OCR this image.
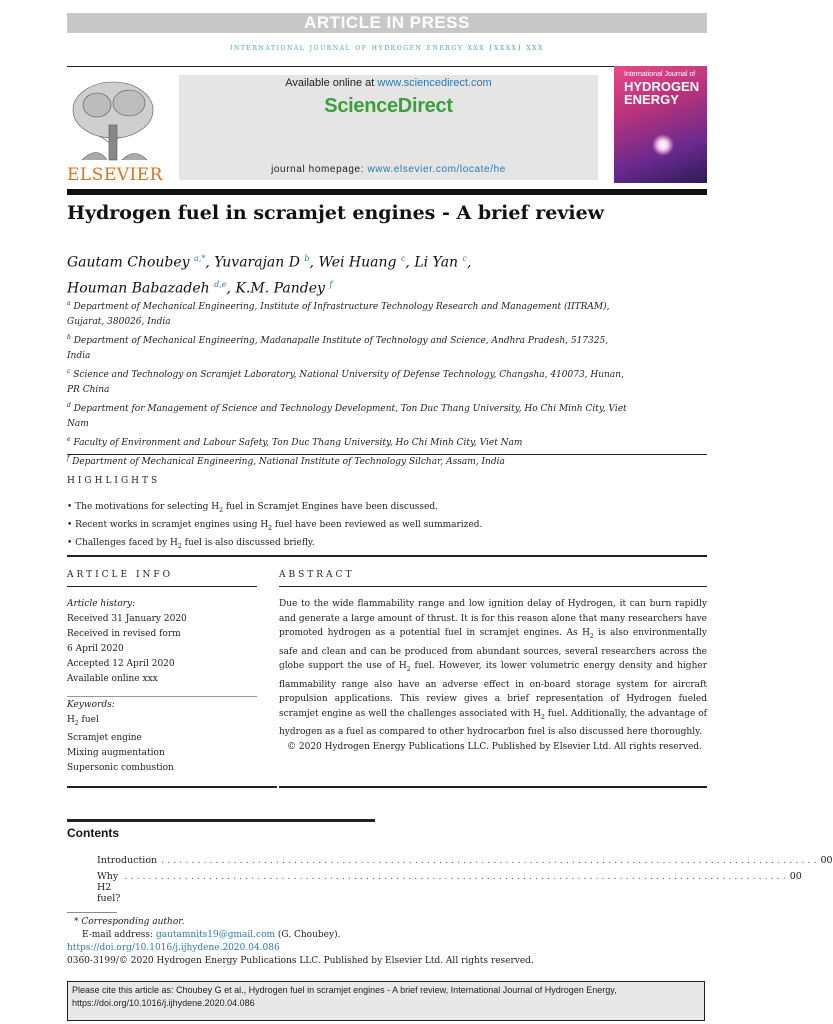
ARTICLE IN PRESS
international journal of hydrogen energy xxx (xxxx) xxx
ELSEVIER
Available online at www.sciencedirect.com
ScienceDirect
journal homepage: www.elsevier.com/locate/he
International Journal of
HYDROGEN
ENERGY
Hydrogen fuel in scramjet engines - A brief review
Gautam Choubey $^{a,*}$, Yuvarajan D $^b$, Wei Huang $^c$, Li Yan $^c$,
Houman Babazadeh $^{d,e}$, K.M. Pandey $^f$

$^a$ Department of Mechanical Engineering, Institute of Infrastructure Technology Research and Management (IITRAM), Gujarat, 380026, India

$^b$ Department of Mechanical Engineering, Madanapalle Institute of Technology and Science, Andhra Pradesh, 517325, India

$^c$ Science and Technology on Scramjet Laboratory, National University of Defense Technology, Changsha, 410073, Hunan, PR China

$^d$ Department for Management of Science and Technology Development, Ton Duc Thang University, Ho Chi Minh City, Viet Nam

$^e$ Faculty of Environment and Labour Safety, Ton Duc Thang University, Ho Chi Minh City, Viet Nam

$^f$ Department of Mechanical Engineering, National Institute of Technology Silchar, Assam, India

HIGHLIGHTS
• The motivations for selecting $H_2$ fuel in Scramjet Engines have been discussed.
• Recent works in scramjet engines using $H_2$ fuel have been reviewed as well summarized.
• Challenges faced by $H_2$ fuel is also discussed briefly.
ARTICLE INFO
Article history:
Received 31 January 2020
Received in revised form
6 April 2020
Accepted 12 April 2020
Available online xxx
Keywords:
$H_2$ fuel
Scramjet engine
Mixing augmentation
Supersonic combustion
ABSTRACT
Due to the wide flammability range and low ignition delay of Hydrogen, it can burn rapidly and generate a large amount of thrust. It is for this reason alone that many researchers have promoted hydrogen as a potential fuel in scramjet engines. As $H_2$ is also environmentally safe and clean and can be produced from abundant sources, several researchers across the globe support the use of $H_2$ fuel. However, its lower volumetric energy density and higher flammability range also have an adverse effect in on-board storage system for aircraft propulsion applications. This review gives a brief representation of Hydrogen fueled scramjet engine as well the challenges associated with $H_2$ fuel. Additionally, the advantage of hydrogen as a fuel as compared to other hydrocarbon fuel is also discussed here thoroughly.
© 2020 Hydrogen Energy Publications LLC. Published by Elsevier Ltd. All rights reserved.
Contents
Introduction . . . . . . . . . . . . . . . . . . . . . . . . . . . . . . . . . . . . . . . . . . . . . . . . . . . . . . . . . . . . . . . . . . . . . . . . . . . . . . . . . . . . . . . . . . . . . . . . . . . . . . . . . . . . . 00
Why H2 fuel?
. . . . . . . . . . . . . . . . . . . . . . . . . . . . . . . . . . . . . . . . . . . . . . . . . . . . . . . . . . . . . . . . . . . . . . . . . . . . . . . . . . . . . . . . . . . . . . . . . . . . . . . . . . . . . . 00
* Corresponding author.
E-mail address: gautamnits19@gmail.com (G. Choubey).
https://doi.org/10.1016/j.ijhydene.2020.04.086
0360-3199/© 2020 Hydrogen Energy Publications LLC. Published by Elsevier Ltd. All rights reserved.
Please cite this article as: Choubey G et al., Hydrogen fuel in scramjet engines - A brief review, International Journal of Hydrogen Energy, https://doi.org/10.1016/j.ijhydene.2020.04.086
